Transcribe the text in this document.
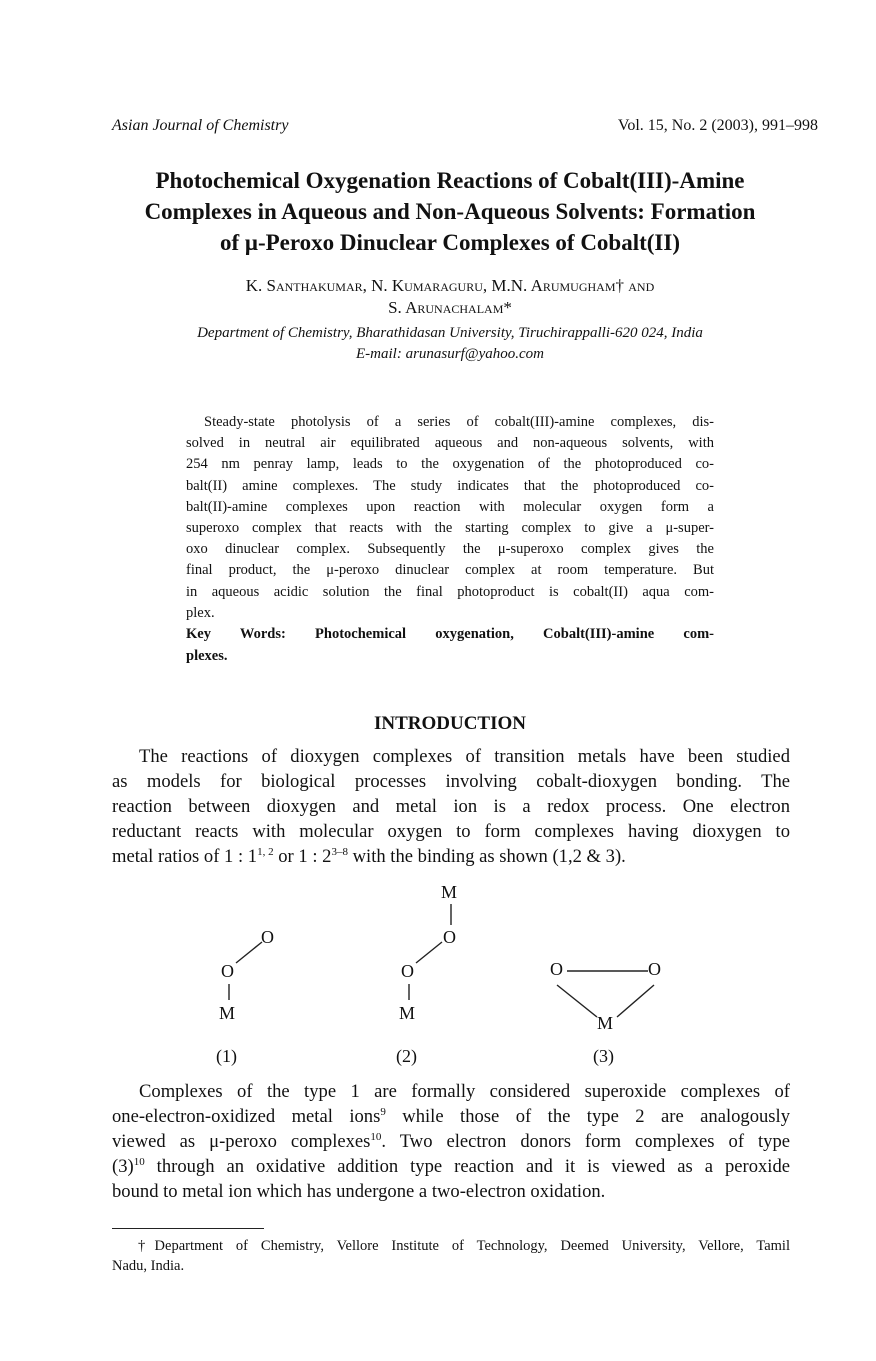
Asian Journal of Chemistry	Vol. 15, No. 2 (2003), 991–998
Photochemical Oxygenation Reactions of Cobalt(III)-Amine
Complexes in Aqueous and Non-Aqueous Solvents: Formation
of μ-Peroxo Dinuclear Complexes of Cobalt(II)
K. Santhakumar, N. Kumaraguru, M.N. Arumugham† and
S. Arunachalam*
Department of Chemistry, Bharathidasan University, Tiruchirappalli-620 024, India
E-mail: arunasurf@yahoo.com
Steady-state photolysis of a series of cobalt(III)-amine complexes, dis-
solved in neutral air equilibrated aqueous and non-aqueous solvents, with
254 nm penray lamp, leads to the oxygenation of the photoproduced co-
balt(II) amine complexes. The study indicates that the photoproduced co-
balt(II)-amine complexes upon reaction with molecular oxygen form a
superoxo complex that reacts with the starting complex to give a μ-super-
oxo dinuclear complex. Subsequently the μ-superoxo complex gives the
final product, the μ-peroxo dinuclear complex at room temperature. But
in aqueous acidic solution the final photoproduct is cobalt(II) aqua com-
plex.
Key Words: Photochemical oxygenation, Cobalt(III)-amine com-
plexes.
INTRODUCTION
The reactions of dioxygen complexes of transition metals have been studied
as models for biological processes involving cobalt-dioxygen bonding. The
reaction between dioxygen and metal ion is a redox process. One electron
reductant reacts with molecular oxygen to form complexes having dioxygen to
metal ratios of 1 : 1$^{1, 2}$ or 1 : 2$^{3-8}$ with the binding as shown (1,2 & 3).
O
O
M
(1)
M
O
O
M
(2)
O	O
M
(3)
Complexes of the type 1 are formally considered superoxide complexes of
one-electron-oxidized metal ions$^9$ while those of the type 2 are analogously
viewed as μ-peroxo complexes$^{10}$. Two electron donors form complexes of type
$(3)^{10}$ through an oxidative addition type reaction and it is viewed as a peroxide
bound to metal ion which has undergone a two-electron oxidation.
†Department of Chemistry, Vellore Institute of Technology, Deemed University, Vellore, Tamil
Nadu, India.
